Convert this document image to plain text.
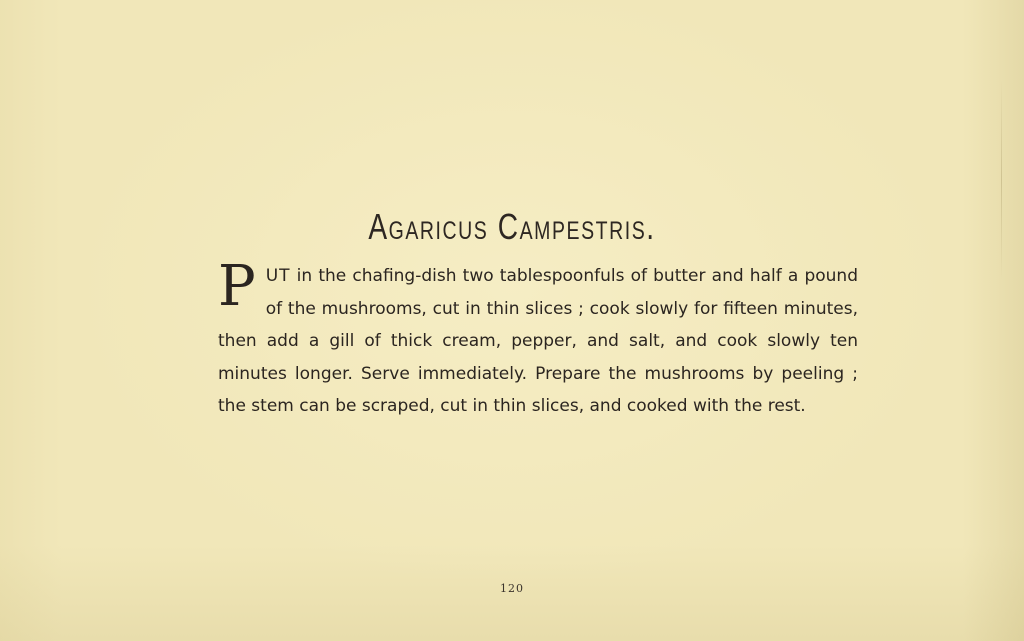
Agaricus Campestris.

PUT in the chafing-dish two tablespoonfuls of butter and half a pound of the mushrooms, cut in thin slices ; cook slowly for fifteen minutes, then add a gill of thick cream, pepper, and salt, and cook slowly ten minutes longer. Serve immediately. Prepare the mushrooms by peeling ; the stem can be scraped, cut in thin slices, and cooked with the rest.

120
